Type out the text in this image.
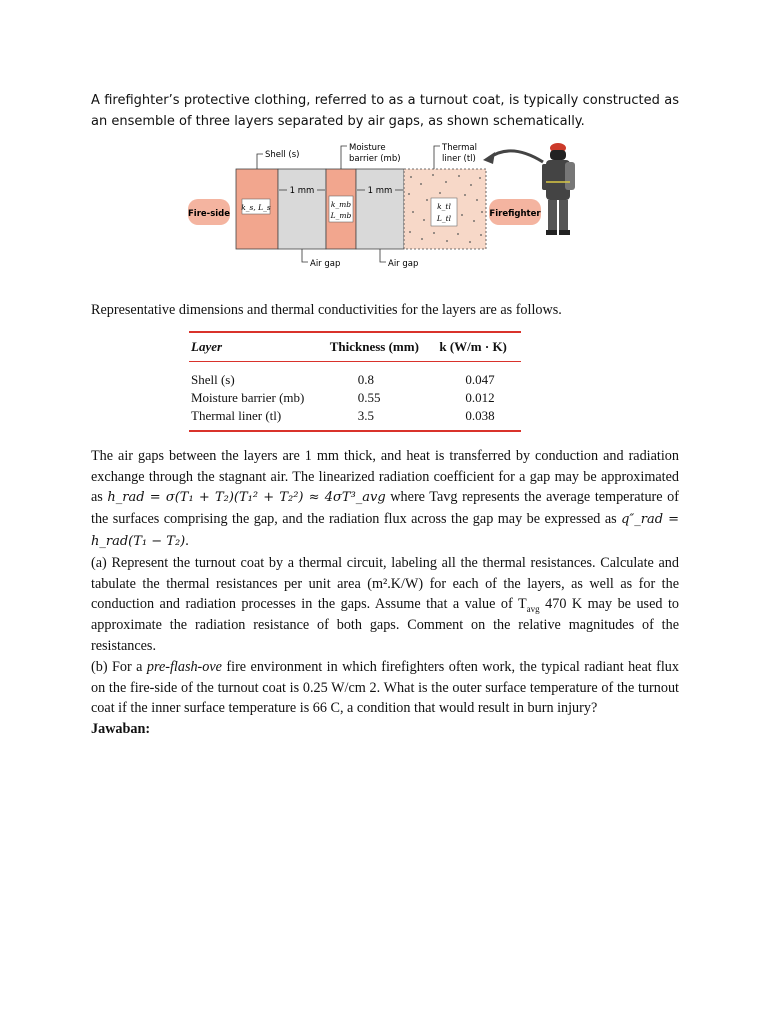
A firefighter’s protective clothing, referred to as a turnout coat, is typically constructed as an ensemble of three layers separated by air gaps, as shown schematically.

Fire-side
Shell (s)
Moisture
barrier (mb)
Thermal
liner (tl)
1 mm	1 mm
k_s, L_s	k_mb
L_mb
k_tl
L_tl
Air gap	Air gap
Firefighter

Representative dimensions and thermal conductivities for the layers are as follows.

Layer	Thickness (mm)	k (W/m · K)
Shell (s)	0.8	0.047
Moisture barrier (mb)	0.55	0.012
Thermal liner (tl)	3.5	0.038

The air gaps between the layers are 1 mm thick, and heat is transferred by conduction and radiation exchange through the stagnant air. The linearized radiation coefficient for a gap may be approximated as h_rad = σ(T₁ + T₂)(T₁² + T₂²) ≈ 4σT³_avg where Tavg represents the average temperature of the surfaces comprising the gap, and the radiation flux across the gap may be expressed as q″_rad = h_rad(T₁ − T₂).

(a) Represent the turnout coat by a thermal circuit, labeling all the thermal resistances. Calculate and tabulate the thermal resistances per unit area (m².K/W) for each of the layers, as well as for the conduction and radiation processes in the gaps. Assume that a value of $T_{avg}$ 470 K may be used to approximate the radiation resistance of both gaps. Comment on the relative magnitudes of the resistances.

(b) For a pre-flash-ove fire environment in which firefighters often work, the typical radiant heat flux on the fire-side of the turnout coat is 0.25 W/cm 2. What is the outer surface temperature of the turnout coat if the inner surface temperature is 66 C, a condition that would result in burn injury?

Jawaban:
